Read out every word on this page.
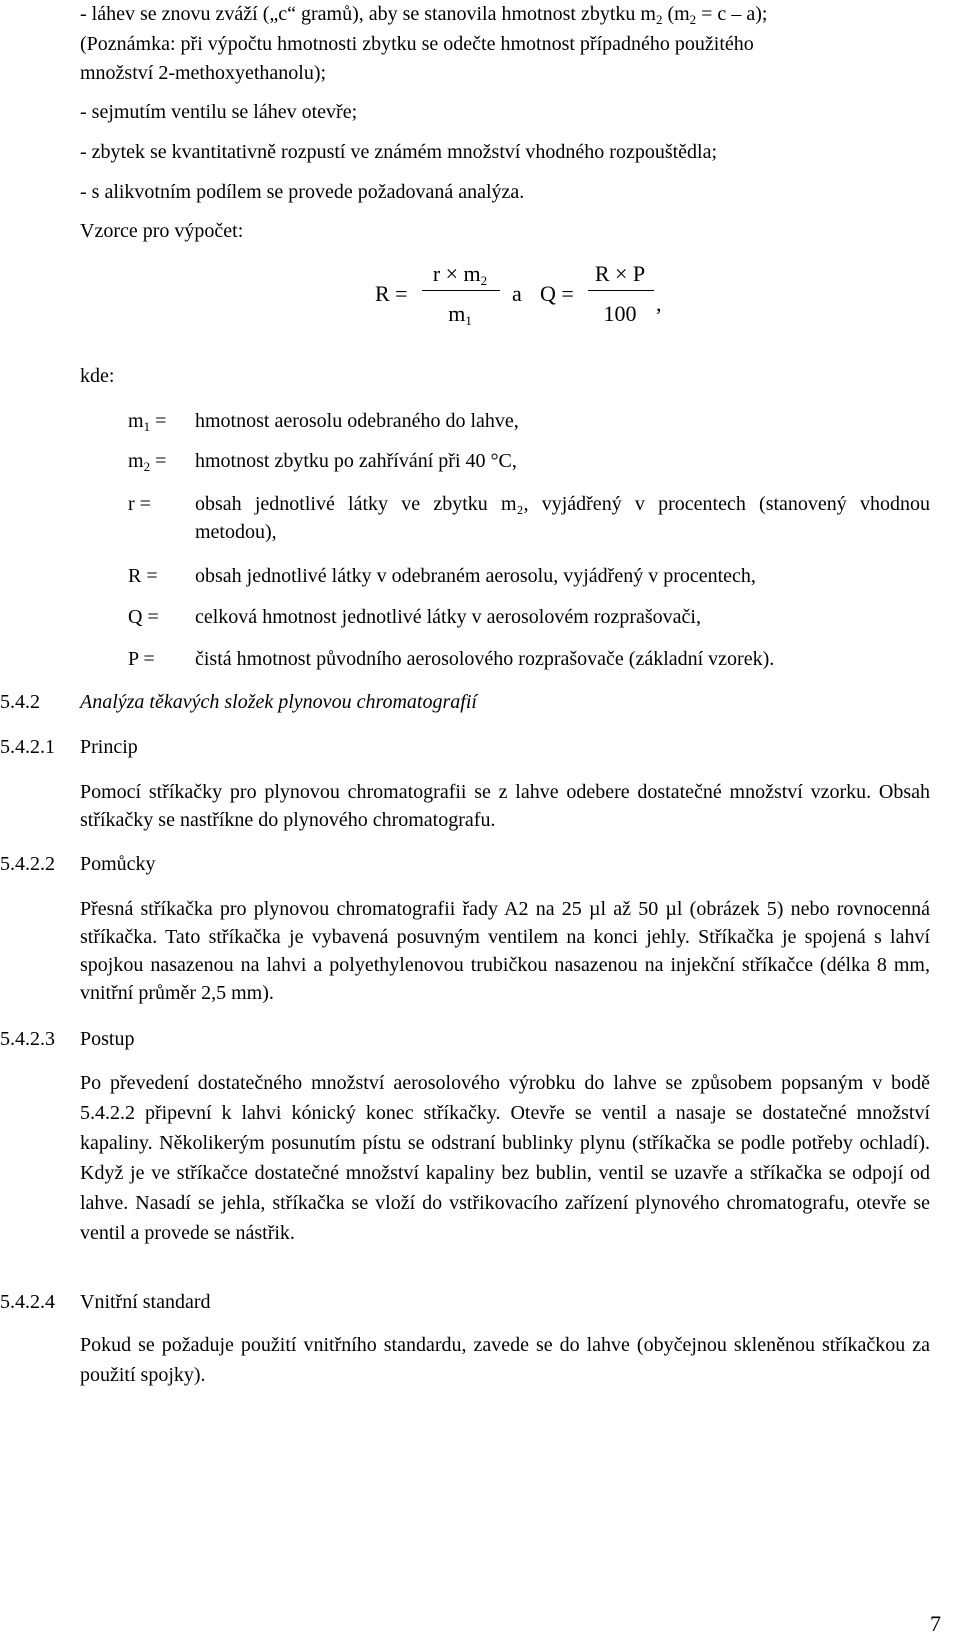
- láhev se znovu zváží („c“ gramů), aby se stanovila hmotnost zbytku $m_2$ $(m_2 = c - a)$;
(Poznámka: při výpočtu hmotnosti zbytku se odečte hmotnost případného použitého
množství 2-methoxyethanolu);
- sejmutím ventilu se láhev otevře;
- zbytek se kvantitativně rozpustí ve známém množství vhodného rozpouštědla;
- s alikvotním podílem se provede požadovaná analýza.
Vzorce pro výpočet:
R =
$r \times m_2$
$m_1$
a Q =
R × P
100 ,
kde:
$m_1$ = hmotnost aerosolu odebraného do lahve,
$m_2$ = hmotnost zbytku po zahřívání při 40 °C,
r = obsah jednotlivé látky ve zbytku m₂, vyjádřený v procentech (stanovený vhodnou metodou),
R = obsah jednotlivé látky v odebraném aerosolu, vyjádřený v procentech,
Q = celková hmotnost jednotlivé látky v aerosolovém rozprašovači,
P = čistá hmotnost původního aerosolového rozprašovače (základní vzorek).
5.4.2 Analýza těkavých složek plynovou chromatografií
5.4.2.1 Princip
Pomocí stříkačky pro plynovou chromatografii se z lahve odebere dostatečné množství vzorku. Obsah stříkačky se nastříkne do plynového chromatografu.
5.4.2.2 Pomůcky
Přesná stříkačka pro plynovou chromatografii řady A2 na 25 µl až 50 µl (obrázek 5) nebo rovnocenná stříkačka. Tato stříkačka je vybavená posuvným ventilem na konci jehly. Stříkačka je spojená s lahví spojkou nasazenou na lahvi a polyethylenovou trubičkou nasazenou na injekční stříkačce (délka 8 mm, vnitřní průměr 2,5 mm).
5.4.2.3 Postup
Po převedení dostatečného množství aerosolového výrobku do lahve se způsobem popsaným v bodě 5.4.2.2 připevní k lahvi kónický konec stříkačky. Otevře se ventil a nasaje se dostatečné množství kapaliny. Několikerým posunutím pístu se odstraní bublinky plynu (stříkačka se podle potřeby ochladí). Když je ve stříkačce dostatečné množství kapaliny bez bublin, ventil se uzavře a stříkačka se odpojí od lahve. Nasadí se jehla, stříkačka se vloží do vstřikovacího zařízení plynového chromatografu, otevře se ventil a provede se nástřik.
5.4.2.4 Vnitřní standard
Pokud se požaduje použití vnitřního standardu, zavede se do lahve (obyčejnou skleněnou stříkačkou za použití spojky).
7
